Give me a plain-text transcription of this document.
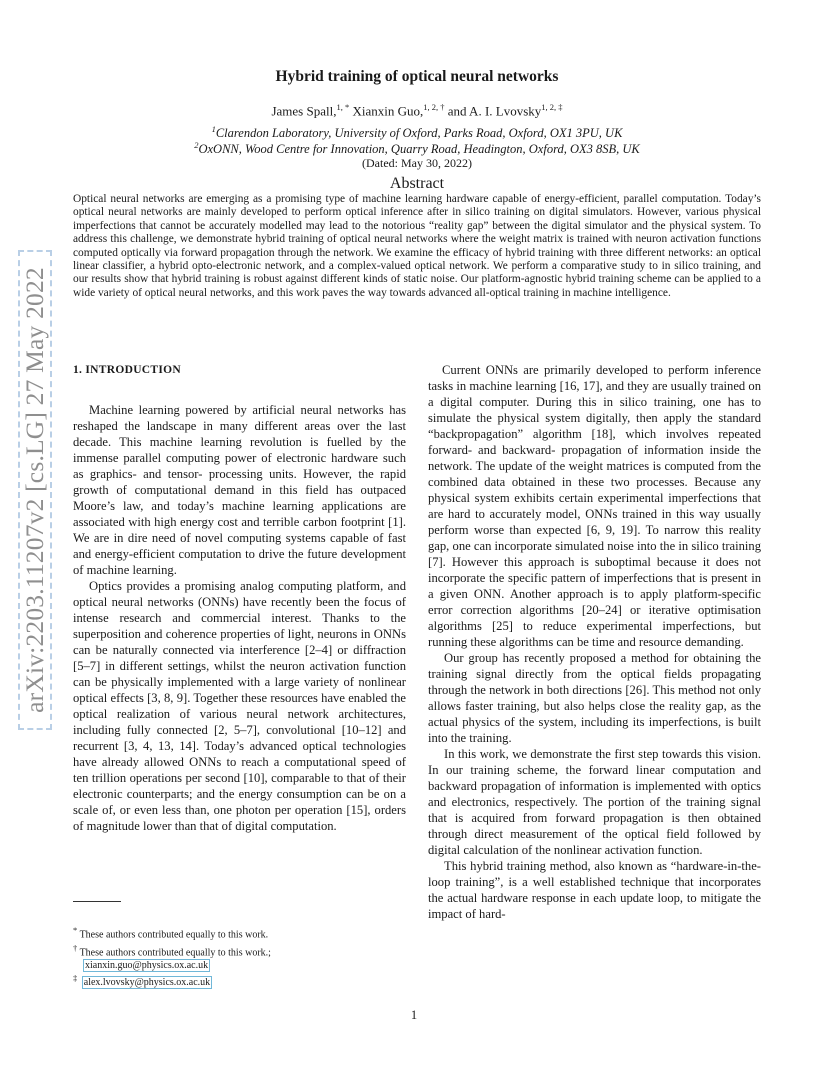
arXiv:2203.11207v2 [cs.LG] 27 May 2022
Hybrid training of optical neural networks
James Spall,$^{1, *}$ Xianxin Guo,$^{1, 2, \dagger}$ and A. I. Lvovsky$^{1, 2, \ddagger}$
$^1$Clarendon Laboratory, University of Oxford, Parks Road, Oxford, OX1 3PU, UK
$^2$OxONN, Wood Centre for Innovation, Quarry Road, Headington, Oxford, OX3 8SB, UK
(Dated: May 30, 2022)
Abstract

Optical neural networks are emerging as a promising type of machine learning hardware capable of energy-efficient, parallel computation. Today’s optical neural networks are mainly developed to perform optical inference after in silico training on digital simulators. However, various physical imperfections that cannot be accurately modelled may lead to the notorious “reality gap” between the digital simulator and the physical system. To address this challenge, we demonstrate hybrid training of optical neural networks where the weight matrix is trained with neuron activation functions computed optically via forward propagation through the network. We examine the efficacy of hybrid training with three different networks: an optical linear classifier, a hybrid opto-electronic network, and a complex-valued optical network. We perform a comparative study to in silico training, and our results show that hybrid training is robust against different kinds of static noise. Our platform-agnostic hybrid training scheme can be applied to a wide variety of optical neural networks, and this work paves the way towards advanced all-optical training in machine intelligence.

1. INTRODUCTION

Machine learning powered by artificial neural networks has reshaped the landscape in many different areas over the last decade. This machine learning revolution is fuelled by the immense parallel computing power of electronic hardware such as graphics- and tensor- processing units. However, the rapid growth of computational demand in this field has outpaced Moore’s law, and today’s machine learning applications are associated with high energy cost and terrible carbon footprint [1]. We are in dire need of novel computing systems capable of fast and energy-efficient computation to drive the future development of machine learning.

Optics provides a promising analog computing platform, and optical neural networks (ONNs) have recently been the focus of intense research and commercial interest. Thanks to the superposition and coherence properties of light, neurons in ONNs can be naturally connected via interference [2–4] or diffraction [5–7] in different settings, whilst the neuron activation function can be physically implemented with a large variety of nonlinear optical effects [3, 8, 9]. Together these resources have enabled the optical realization of various neural network architectures, including fully connected [2, 5–7], convolutional [10–12] and recurrent [3, 4, 13, 14]. Today’s advanced optical technologies have already allowed ONNs to reach a computational speed of ten trillion operations per second [10], comparable to that of their electronic counterparts; and the energy consumption can be on a scale of, or even less than, one photon per operation [15], orders of magnitude lower than that of digital computation.

Current ONNs are primarily developed to perform inference tasks in machine learning [16, 17], and they are usually trained on a digital computer. During this in silico training, one has to simulate the physical system digitally, then apply the standard “backpropagation” algorithm [18], which involves repeated forward- and backward- propagation of information inside the network. The update of the weight matrices is computed from the combined data obtained in these two processes. Because any physical system exhibits certain experimental imperfections that are hard to accurately model, ONNs trained in this way usually perform worse than expected [6, 9, 19]. To narrow this reality gap, one can incorporate simulated noise into the in silico training [7]. However this approach is suboptimal because it does not incorporate the specific pattern of imperfections that is present in a given ONN. Another approach is to apply platform-specific error correction algorithms [20–24] or iterative optimisation algorithms [25] to reduce experimental imperfections, but running these algorithms can be time and resource demanding.

Our group has recently proposed a method for obtaining the training signal directly from the optical fields propagating through the network in both directions [26]. This method not only allows faster training, but also helps close the reality gap, as the actual physics of the system, including its imperfections, is built into the training.

In this work, we demonstrate the first step towards this vision. In our training scheme, the forward linear computation and backward propagation of information is implemented with optics and electronics, respectively. The portion of the training signal that is acquired from forward propagation is then obtained through direct measurement of the optical field followed by digital calculation of the nonlinear activation function.

This hybrid training method, also known as “hardware-in-the-loop training”, is a well established technique that incorporates the actual hardware response in each update loop, to mitigate the impact of hard-

* These authors contributed equally to this work.
† These authors contributed equally to this work.;
xianxin.guo@physics.ox.ac.uk
‡ alex.lvovsky@physics.ox.ac.uk
1
